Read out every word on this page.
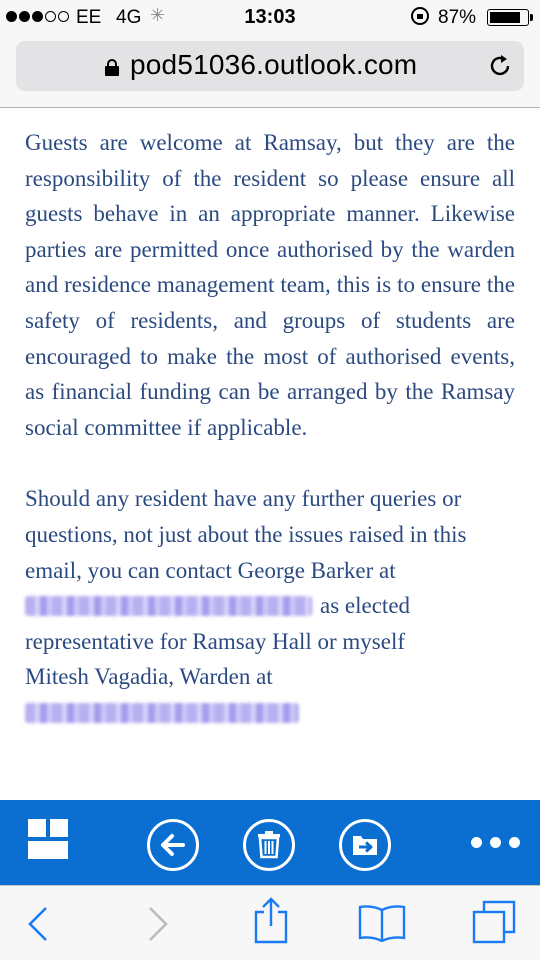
EE 4G ✳	13:03	87%
pod51036.outlook.com

Guests are welcome at Ramsay, but they are the responsibility of the resident so please ensure all guests behave in an appropriate manner. Likewise parties are permitted once authorised by the warden and residence management team, this is to ensure the safety of residents, and groups of students are encouraged to make the most of authorised events, as financial funding can be arranged by the Ramsay social committee if applicable.

Should any resident have any further queries or
questions, not just about the issues raised in this
email, you can contact George Barker at
as elected
representative for Ramsay Hall or myself
Mitesh Vagadia, Warden at
